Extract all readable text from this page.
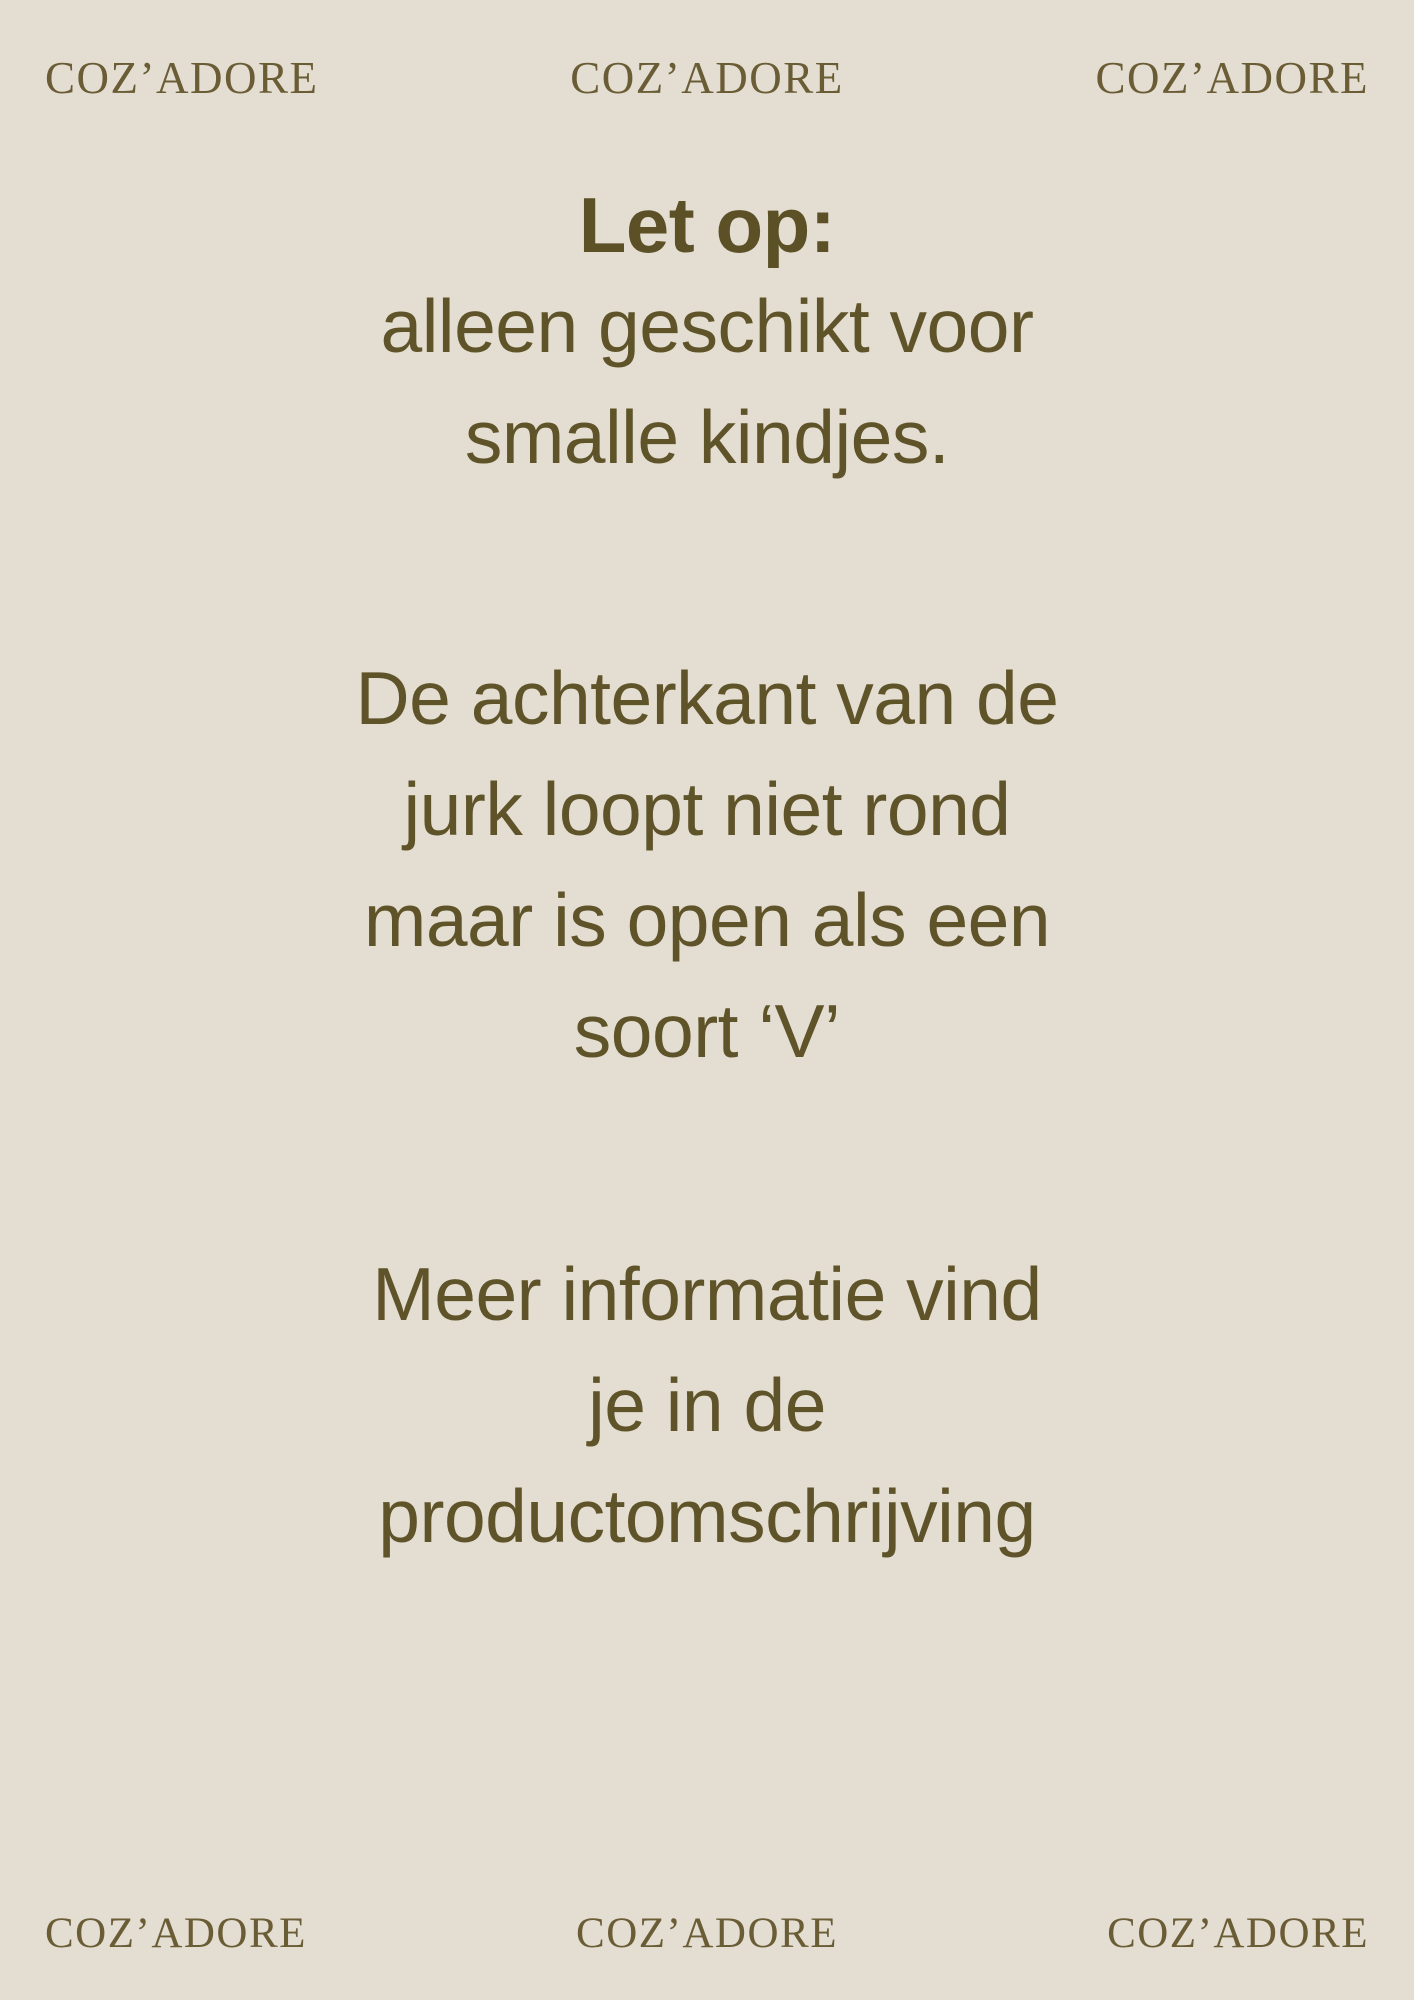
COZ’ADORE	COZ’ADORE	COZ’ADORE
Let op:
alleen geschikt voor
smalle kindjes.
De achterkant van de
jurk loopt niet rond
maar is open als een
soort ‘V’
Meer informatie vind
je in de
productomschrijving
COZ’ADORE	COZ’ADORE	COZ’ADORE
